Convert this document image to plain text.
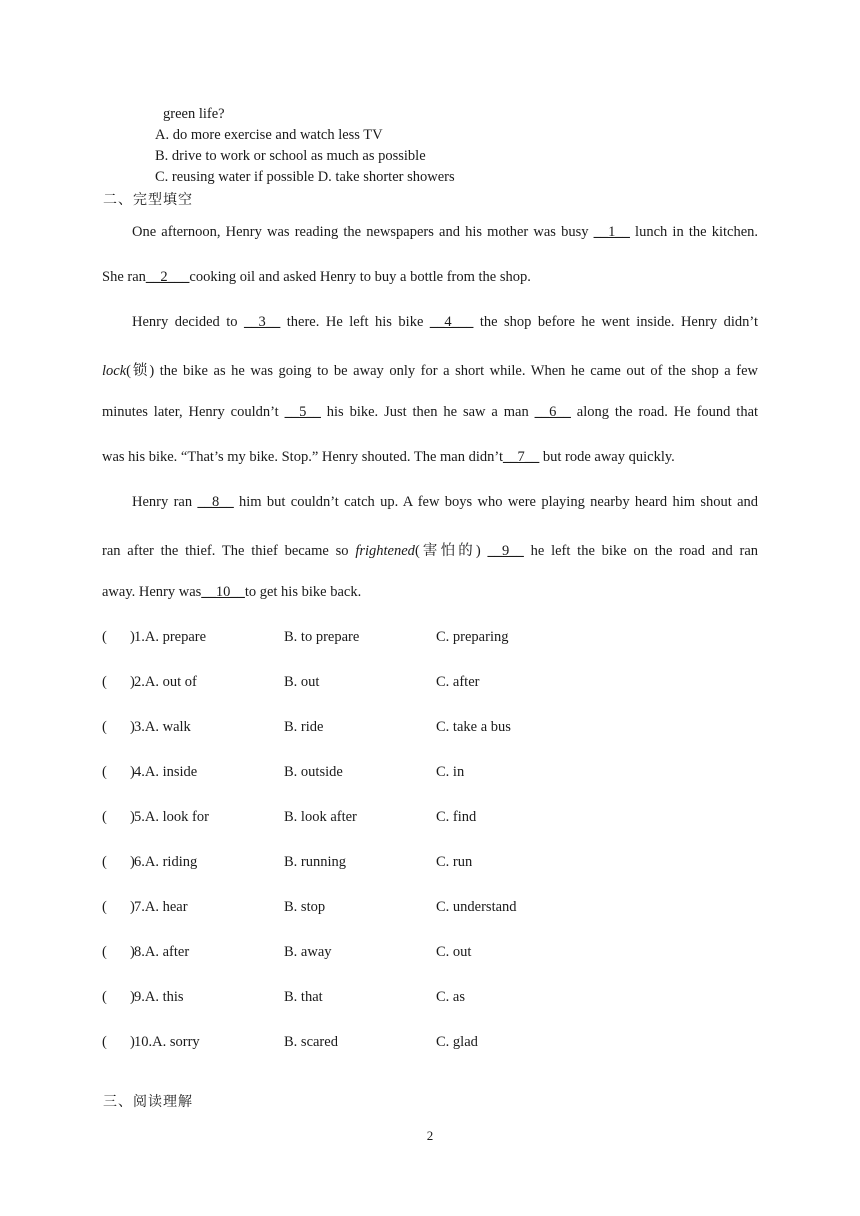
green life?
A. do more exercise and watch less TV
B. drive to work or school as much as possible
C. reusing water if possible D. take shorter showers
二、完型填空
One afternoon, Henry was reading the newspapers and his mother was busy __1__ lunch in the kitchen.
She ran__2___cooking oil and asked Henry to buy a bottle from the shop.
Henry decided to __3__ there. He left his bike __4___ the shop before he went inside. Henry didn’t
lock(锁) the bike as he was going to be away only for a short while. When he came out of the shop a few
minutes later, Henry couldn’t __5__ his bike. Just then he saw a man __6__ along the road. He found that
was his bike. “That’s my bike. Stop.” Henry shouted. The man didn’t__7__ but rode away quickly.
Henry ran __8__ him but couldn’t catch up. A few boys who were playing nearby heard him shout and
ran after the thief. The thief became so frightened(害怕的) __9__ he left the bike on the road and ran
away. Henry was__10__to get his bike back.
( ) 1.A. prepare	B. to prepare	C. preparing
( ) 2.A. out of	B. out	C. after
( ) 3.A. walk	B. ride	C. take a bus
( ) 4.A. inside	B. outside	C. in
( ) 5.A. look for	B. look after	C. find
( ) 6.A. riding	B. running	C. run
( ) 7.A. hear	B. stop	C. understand
( ) 8.A. after	B. away	C. out
( ) 9.A. this	B. that	C. as
( ) 10.A. sorry	B. scared	C. glad
三、阅读理解
2
